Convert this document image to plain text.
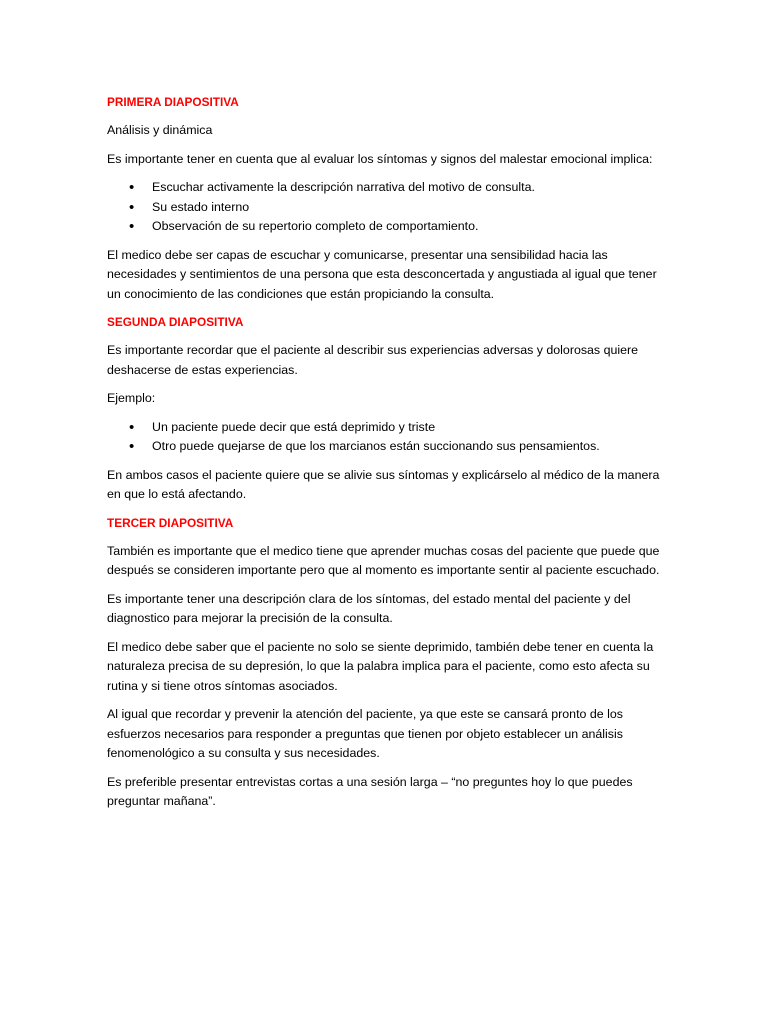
PRIMERA DIAPOSITIVA

Análisis y dinámica

Es importante tener en cuenta que al evaluar los síntomas y signos del malestar emocional implica:

• Escuchar activamente la descripción narrativa del motivo de consulta.
• Su estado interno
• Observación de su repertorio completo de comportamiento.

El medico debe ser capas de escuchar y comunicarse, presentar una sensibilidad hacia las necesidades y sentimientos de una persona que esta desconcertada y angustiada al igual que tener un conocimiento de las condiciones que están propiciando la consulta.

SEGUNDA DIAPOSITIVA

Es importante recordar que el paciente al describir sus experiencias adversas y dolorosas quiere deshacerse de estas experiencias.

Ejemplo:

• Un paciente puede decir que está deprimido y triste
• Otro puede quejarse de que los marcianos están succionando sus pensamientos.

En ambos casos el paciente quiere que se alivie sus síntomas y explicárselo al médico de la manera en que lo está afectando.

TERCER DIAPOSITIVA

También es importante que el medico tiene que aprender muchas cosas del paciente que puede que después se consideren importante pero que al momento es importante sentir al paciente escuchado.

Es importante tener una descripción clara de los síntomas, del estado mental del paciente y del diagnostico para mejorar la precisión de la consulta.

El medico debe saber que el paciente no solo se siente deprimido, también debe tener en cuenta la naturaleza precisa de su depresión, lo que la palabra implica para el paciente, como esto afecta su rutina y si tiene otros síntomas asociados.

Al igual que recordar y prevenir la atención del paciente, ya que este se cansará pronto de los esfuerzos necesarios para responder a preguntas que tienen por objeto establecer un análisis fenomenológico a su consulta y sus necesidades.

Es preferible presentar entrevistas cortas a una sesión larga – “no preguntes hoy lo que puedes preguntar mañana”.
